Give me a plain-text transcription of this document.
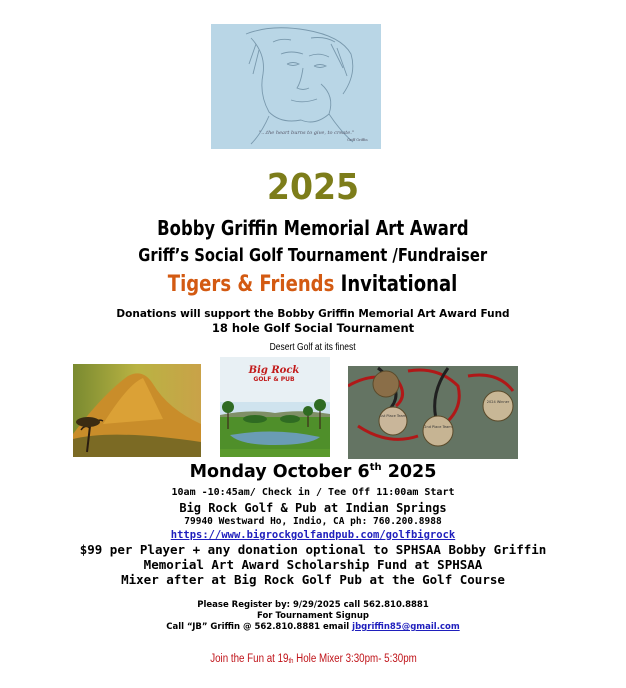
"...the heart burns to give, to create."
Griff Griffin
2025
Bobby Griffin Memorial Art Award
Griff’s Social Golf Tournament /Fundraiser
Tigers & Friends Invitational
Donations will support the Bobby Griffin Memorial Art Award Fund
18 hole Golf Social Tournament
Desert Golf at its finest
Big Rock
GOLF & PUB
1st Place Team
2nd Place Team
2024 Winner
Monday October 6th 2025
10am -10:45am/ Check in / Tee Off 11:00am Start
Big Rock Golf & Pub at Indian Springs
79940 Westward Ho, Indio, CA ph: 760.200.8988
https://www.bigrockgolfandpub.com/golfbigrock
$99 per Player + any donation optional to SPHSAA Bobby Griffin
Memorial Art Award Scholarship Fund at SPHSAA
Mixer after at Big Rock Golf Pub at the Golf Course
Please Register by: 9/29/2025 call 562.810.8881
For Tournament Signup
Call “JB” Griffin @ 562.810.8881 email jbgriffin85@gmail.com
Join the Fun at $19_{th}$ Hole Mixer 3:30pm- 5:30pm
